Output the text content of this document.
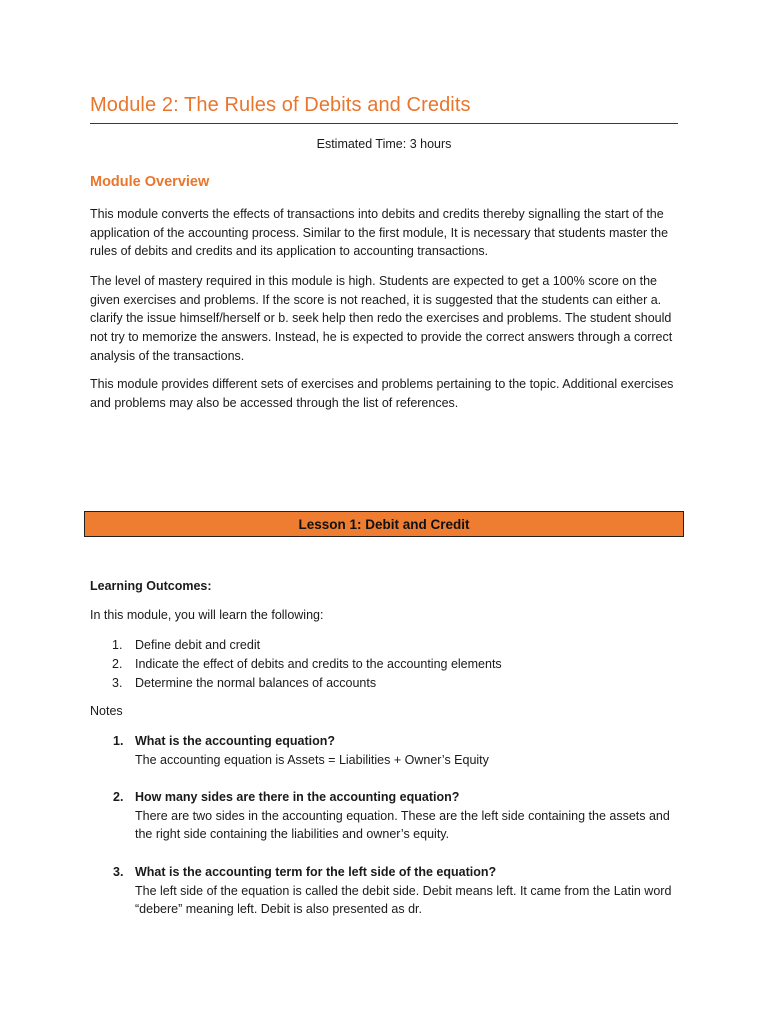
Module 2: The Rules of Debits and Credits
Estimated Time: 3 hours
Module Overview

This module converts the effects of transactions into debits and credits thereby signalling the start of the application of the accounting process. Similar to the first module, It is necessary that students master the rules of debits and credits and its application to accounting transactions.

The level of mastery required in this module is high. Students are expected to get a 100% score on the given exercises and problems. If the score is not reached, it is suggested that the students can either a. clarify the issue himself/herself or b. seek help then redo the exercises and problems. The student should not try to memorize the answers. Instead, he is expected to provide the correct answers through a correct analysis of the transactions.

This module provides different sets of exercises and problems pertaining to the topic. Additional exercises and problems may also be accessed through the list of references.

Lesson 1: Debit and Credit
Learning Outcomes:
In this module, you will learn the following:
1.	Define debit and credit
2.	Indicate the effect of debits and credits to the accounting elements
3.	Determine the normal balances of accounts
Notes
1. What is the accounting equation?
The accounting equation is Assets = Liabilities + Owner’s Equity
2. How many sides are there in the accounting equation?
There are two sides in the accounting equation. These are the left side containing the assets and the right side containing the liabilities and owner’s equity.
3. What is the accounting term for the left side of the equation?
The left side of the equation is called the debit side. Debit means left. It came from the Latin word “debere” meaning left. Debit is also presented as dr.
